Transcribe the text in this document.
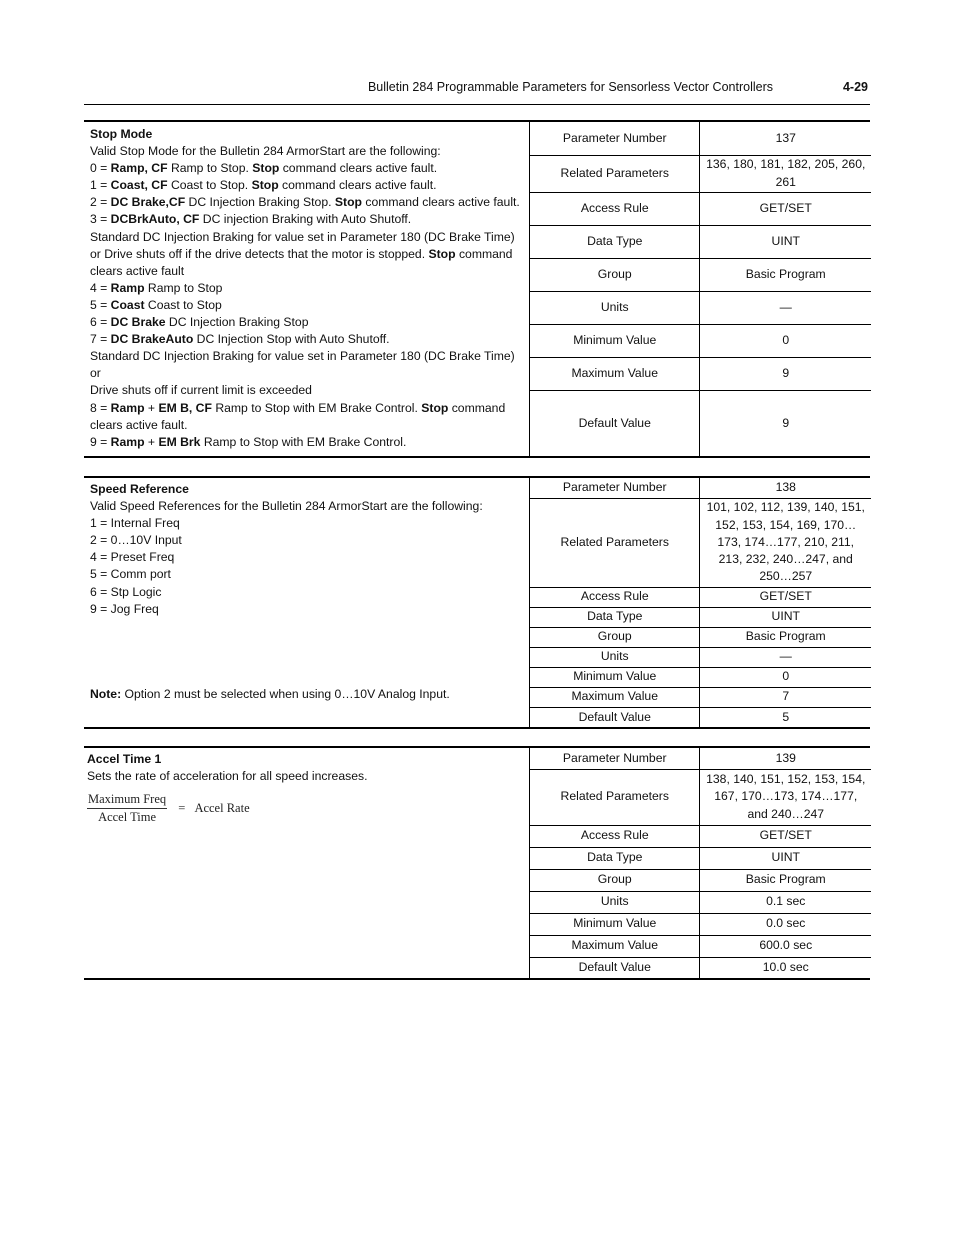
Bulletin 284 Programmable Parameters for Sensorless Vector Controllers	4-29
Stop Mode
Valid Stop Mode for the Bulletin 284 ArmorStart are the following:
0 = Ramp, CF Ramp to Stop. Stop command clears active fault.
1 = Coast, CF Coast to Stop. Stop command clears active fault.
2 = DC Brake,CF DC Injection Braking Stop. Stop command clears active fault.
3 = DCBrkAuto, CF DC injection Braking with Auto Shutoff.
Standard DC Injection Braking for value set in Parameter 180 (DC Brake Time) or Drive shuts off if the drive detects that the motor is stopped. Stop command clears active fault
4 = Ramp Ramp to Stop
5 = Coast Coast to Stop
6 = DC Brake DC Injection Braking Stop
7 = DC BrakeAuto DC Injection Stop with Auto Shutoff.
Standard DC Injection Braking for value set in Parameter 180 (DC Brake Time)
or
Drive shuts off if current limit is exceeded
8 = Ramp + EM B, CF Ramp to Stop with EM Brake Control. Stop command clears active fault.
9 = Ramp + EM Brk Ramp to Stop with EM Brake Control.
Parameter Number	137
Related Parameters	136, 180, 181, 182, 205, 260, 261
Access Rule	GET/SET
Data Type	UINT
Group	Basic Program
Units	—
Minimum Value	0
Maximum Value	9
Default Value	9
Speed Reference
Valid Speed References for the Bulletin 284 ArmorStart are the following:
1 = Internal Freq
2 = 0…10V Input
4 = Preset Freq
5 = Comm port
6 = Stp Logic
9 = Jog Freq
Note: Option 2 must be selected when using 0…10V Analog Input.
Parameter Number	138
Related Parameters	101, 102, 112, 139, 140, 151, 152, 153, 154, 169, 170…173, 174…177, 210, 211, 213, 232, 240…247, and 250…257
Access Rule	GET/SET
Data Type	UINT
Group	Basic Program
Units	—
Minimum Value	0
Maximum Value	7
Default Value	5
Accel Time 1
Sets the rate of acceleration for all speed increases.
$\frac{\text{Maximum Freq}}{\text{Accel Time}}$ = Accel Rate
Parameter Number	139
Related Parameters	138, 140, 151, 152, 153, 154, 167, 170…173, 174…177, and 240…247
Access Rule	GET/SET
Data Type	UINT
Group	Basic Program
Units	0.1 sec
Minimum Value	0.0 sec
Maximum Value	600.0 sec
Default Value	10.0 sec
